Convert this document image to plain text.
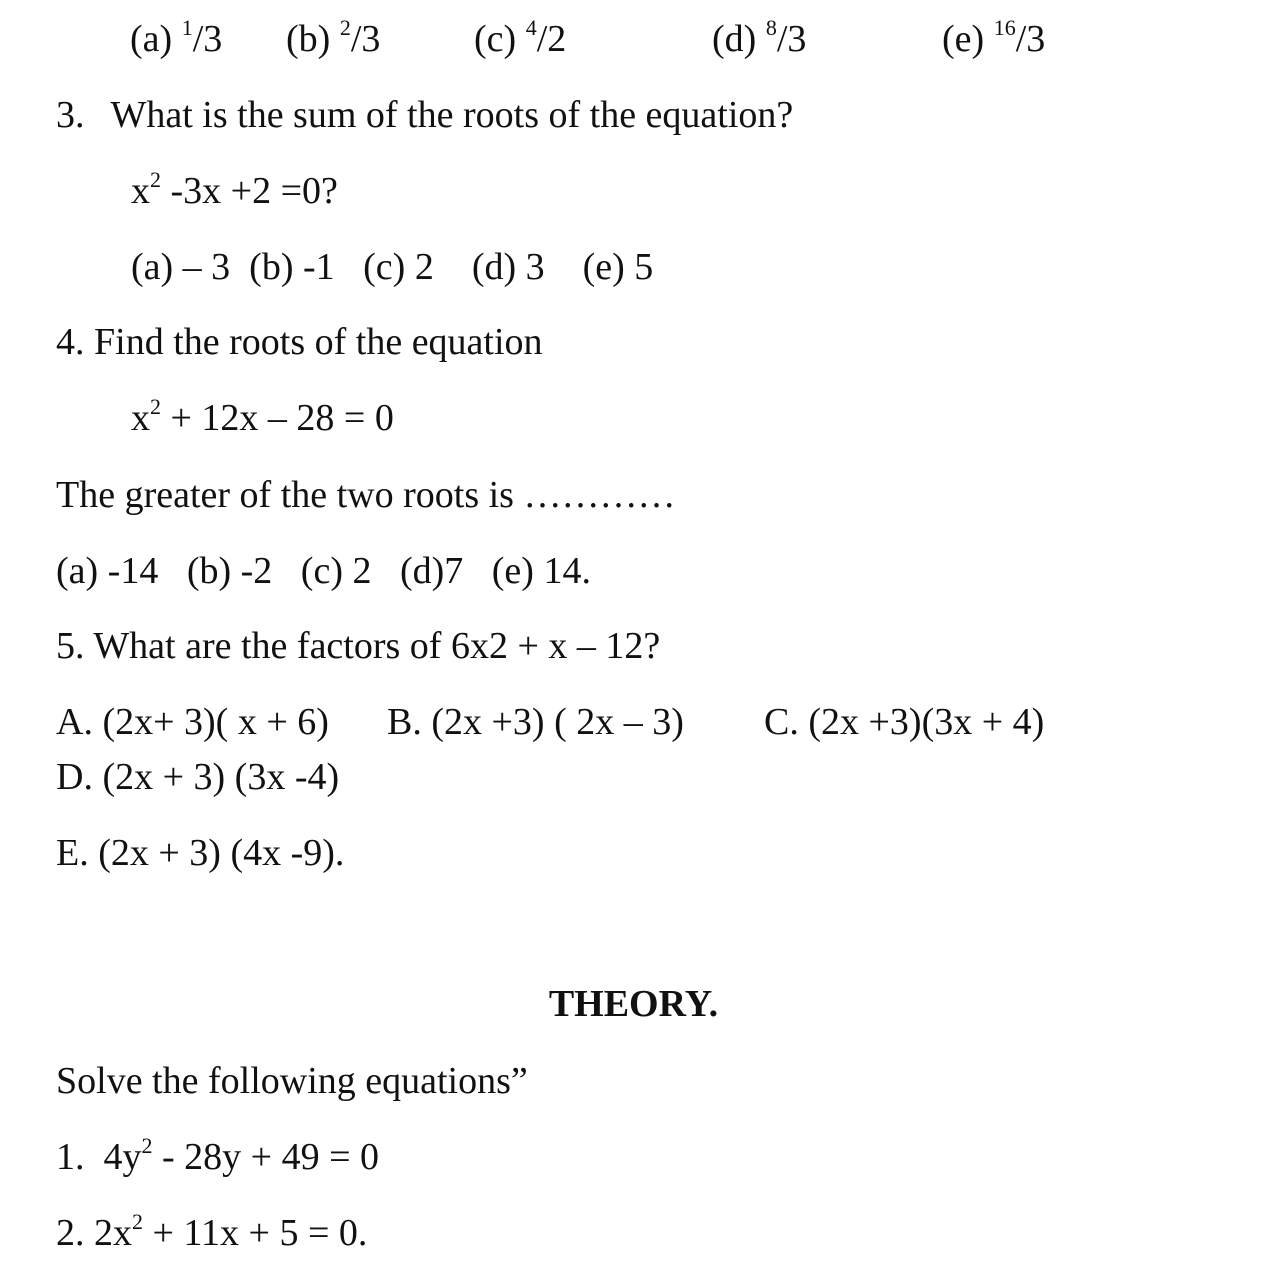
(a) $^1$/3 (b) $^2$/3 (c) $^4$/2	(d) $^8$/3	(e) $^{16}$/3
3. What is the sum of the roots of the equation?
$x^2$ -3x +2 =0?
(a) – 3  (b) -1   (c) 2    (d) 3    (e) 5
4. Find the roots of the equation
$x^2 + 12x - 28 = 0$
The greater of the two roots is …………
(a) -14   (b) -2   (c) 2   (d)7   (e) 14.
5. What are the factors of 6x2 + x – 12?
A. (2x+ 3)( x + 6) B. (2x +3) ( 2x – 3) C. (2x +3)(3x + 4)
D. (2x + 3) (3x -4)
E. (2x + 3) (4x -9).
THEORY.
Solve the following equations”
1.  $4y^2 - 28y + 49 = 0$
2. $2x^2 + 11x + 5 = 0$.
